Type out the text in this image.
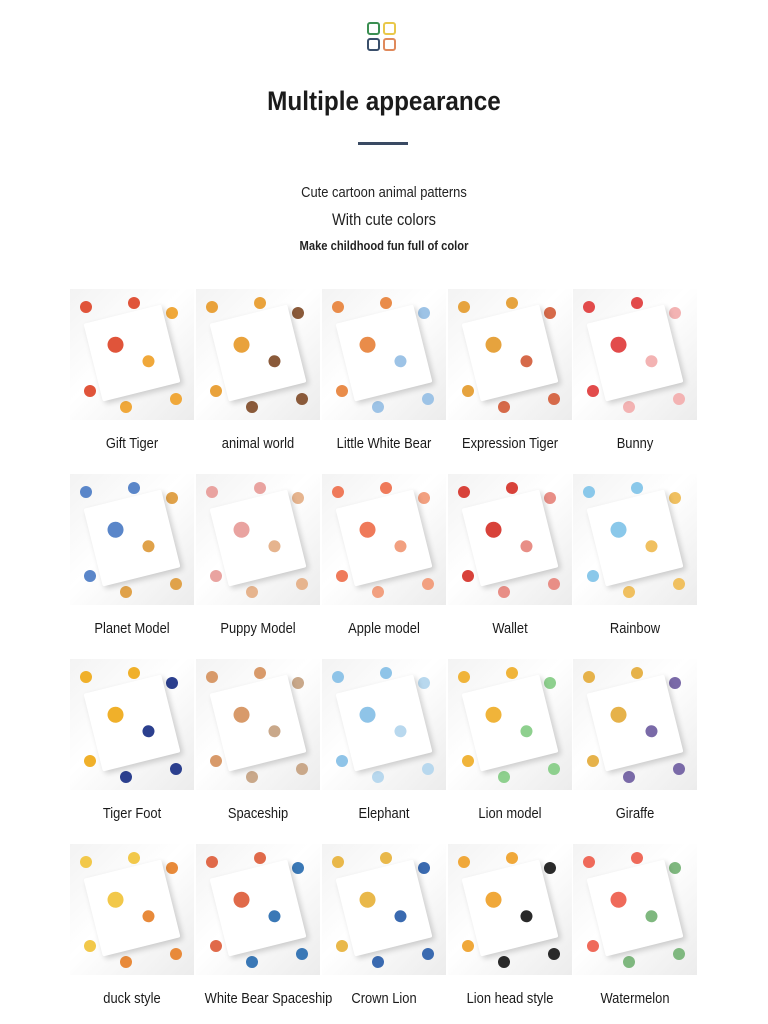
Multiple appearance
Cute cartoon animal patterns
With cute colors
Make childhood fun full of color
Gift Tiger	animal world	Little White Bear	Expression Tiger	Bunny
Planet Model	Puppy Model	Apple model	Wallet	Rainbow
Tiger Foot	Spaceship	Elephant	Lion model	Giraffe
duck style	White Bear Spaceship	Crown Lion	Lion head style	Watermelon
